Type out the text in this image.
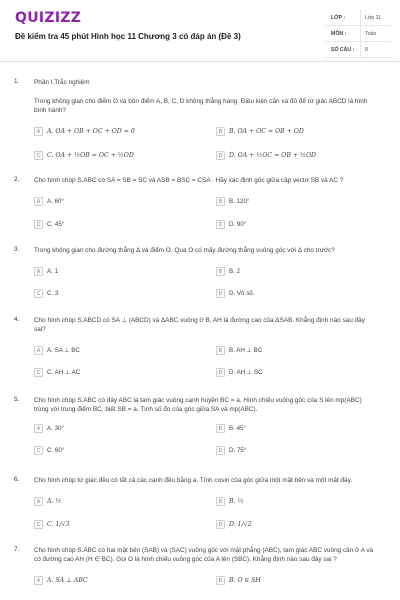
QUIZIZZ
Đề kiểm tra 45 phút Hình học 11 Chương 3 có đáp án (Đề 3)
LỚP :	Lớp 11
MÔN :	Toán
SỐ CÂU : 8
1. Phần I.Trắc nghiệm
Trong không gian cho điểm O và bốn điểm A, B, C, D không thẳng hàng. Điều kiện cần và đủ để tứ giác ABCD là hình bình hành?
A	A. OA + OB + OC + OD = 0	B	B. OA + OC = OB + OD
C	C. OA + ½OB = OC + ½OD	D	D. OA + ½OC = OB + ½OD
2. Cho hình chóp S.ABC có SA = SB = SC và ASB = BSC = CSA . Hãy xác định góc giữa cặp vectơ SB và AC ?
A	A. 60°	B	B. 120°
C	C. 45°	D	D. 90°
3. Trong không gian cho đường thẳng Δ và điểm O. Qua O có mấy đường thẳng vuông góc với Δ cho trước?
A	A. 1	B	B. 2
C	C. 3	D	D. Vô số.
4. Cho hình chóp S.ABCD có SA ⊥ (ABCD) và ΔABC vuông ở B, AH là đường cao của ΔSAB. Khẳng định nào sau đây sai?
A	A. SA ⊥ BC	B	B. AH ⊥ BC
C	C. AH ⊥ AC	D	D. AH ⊥ SC
5. Cho hình chóp S.ABC có đáy ABC là tam giác vuông cạnh huyền BC = a. Hình chiếu vuông góc của S lên mp(ABC) trùng với trung điểm BC, biết SB = a. Tính số đo của góc giữa SA và mp(ABC).
A	A. 30°	B	B. 45°
C	C. 60°	D	D. 75°
6. Cho hình chóp tứ giác đều có tất cả các cạnh đều bằng a. Tính cosin của góc giữa một mặt bên và một mặt đáy.
A	A. ½	B	B. ⅓
C	C. 1/√3	D	D. 1/√2
7. Cho hình chóp S.ABC có hai mặt bên (SAB) và (SAC) vuông góc với mặt phẳng (ABC), tam giác ABC vuông cân ở A và có đường cao AH (H ∈ BC). Gọi O là hình chiếu vuông góc của A lên (SBC). Khẳng định nào sau đây sai ?
A	A. SA ⊥ ABC	B	B. O ∈ SH
